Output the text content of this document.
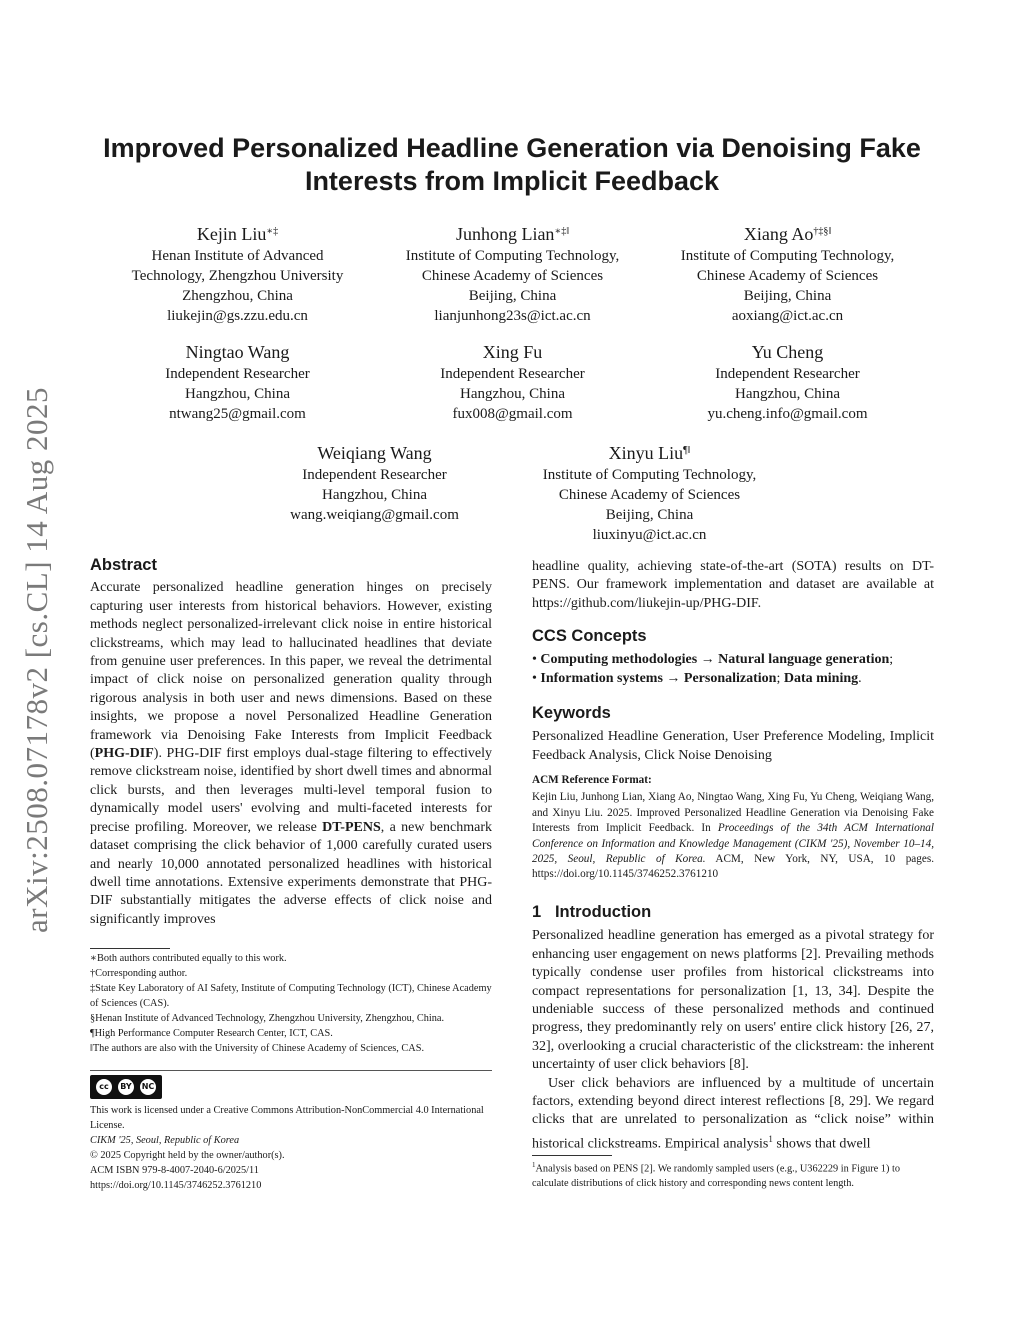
arXiv:2508.07178v2 [cs.CL] 14 Aug 2025
Improved Personalized Headline Generation via Denoising Fake Interests from Implicit Feedback
Kejin Liu∗‡
Henan Institute of Advanced
Technology, Zhengzhou University
Zhengzhou, China
liukejin@gs.zzu.edu.cn
Junhong Lian∗‡‖
Institute of Computing Technology,
Chinese Academy of Sciences
Beijing, China
lianjunhong23s@ict.ac.cn
Xiang Ao†‡§‖
Institute of Computing Technology,
Chinese Academy of Sciences
Beijing, China
aoxiang@ict.ac.cn
Ningtao Wang
Independent Researcher
Hangzhou, China
ntwang25@gmail.com
Xing Fu
Independent Researcher
Hangzhou, China
fux008@gmail.com
Yu Cheng
Independent Researcher
Hangzhou, China
yu.cheng.info@gmail.com
Weiqiang Wang
Independent Researcher
Hangzhou, China
wang.weiqiang@gmail.com
Xinyu Liu¶‖
Institute of Computing Technology,
Chinese Academy of Sciences
Beijing, China
liuxinyu@ict.ac.cn

Abstract

Accurate personalized headline generation hinges on precisely capturing user interests from historical behaviors. However, existing methods neglect personalized-irrelevant click noise in entire historical clickstreams, which may lead to hallucinated headlines that deviate from genuine user preferences. In this paper, we reveal the detrimental impact of click noise on personalized generation quality through rigorous analysis in both user and news dimensions. Based on these insights, we propose a novel Personalized Headline Generation framework via Denoising Fake Interests from Implicit Feedback (PHG-DIF). PHG-DIF first employs dual-stage filtering to effectively remove clickstream noise, identified by short dwell times and abnormal click bursts, and then leverages multi-level temporal fusion to dynamically model users' evolving and multi-faceted interests for precise profiling. Moreover, we release DT-PENS, a new benchmark dataset comprising the click behavior of 1,000 carefully curated users and nearly 10,000 annotated personalized headlines with historical dwell time annotations. Extensive experiments demonstrate that PHG-DIF substantially mitigates the adverse effects of click noise and significantly improves

∗Both authors contributed equally to this work.

†Corresponding author.

‡State Key Laboratory of AI Safety, Institute of Computing Technology (ICT), Chinese Academy of Sciences (CAS).

§Henan Institute of Advanced Technology, Zhengzhou University, Zhengzhou, China.

¶High Performance Computer Research Center, ICT, CAS.

‖The authors are also with the University of Chinese Academy of Sciences, CAS.

cc	BY NC

This work is licensed under a Creative Commons Attribution-NonCommercial 4.0 International License.

CIKM '25, Seoul, Republic of Korea

© 2025 Copyright held by the owner/author(s).

ACM ISBN 979-8-4007-2040-6/2025/11

https://doi.org/10.1145/3746252.3761210

headline quality, achieving state-of-the-art (SOTA) results on DT-PENS. Our framework implementation and dataset are available at https://github.com/liukejin-up/PHG-DIF.

CCS Concepts

• Computing methodologies → Natural language generation;

• Information systems → Personalization; Data mining.

Keywords

Personalized Headline Generation, User Preference Modeling, Implicit Feedback Analysis, Click Noise Denoising

ACM Reference Format:

Kejin Liu, Junhong Lian, Xiang Ao, Ningtao Wang, Xing Fu, Yu Cheng, Weiqiang Wang, and Xinyu Liu. 2025. Improved Personalized Headline Generation via Denoising Fake Interests from Implicit Feedback. In Proceedings of the 34th ACM International Conference on Information and Knowledge Management (CIKM '25), November 10–14, 2025, Seoul, Republic of Korea. ACM, New York, NY, USA, 10 pages. https://doi.org/10.1145/3746252.3761210

1 Introduction

Personalized headline generation has emerged as a pivotal strategy for enhancing user engagement on news platforms [2]. Prevailing methods typically condense user profiles from historical clickstreams into compact representations for personalization [1, 13, 34]. Despite the undeniable success of these personalized methods and continued progress, they predominantly rely on users' entire click history [26, 27, 32], overlooking a crucial characteristic of the clickstream: the inherent uncertainty of user click behaviors [8].

User click behaviors are influenced by a multitude of uncertain factors, extending beyond direct interest reflections [8, 29]. We regard clicks that are unrelated to personalization as “click noise” within historical clickstreams. Empirical analysis$^1$ shows that dwell

$^1$Analysis based on PENS [2]. We randomly sampled users (e.g., U362229 in Figure 1) to calculate distributions of click history and corresponding news content length.
